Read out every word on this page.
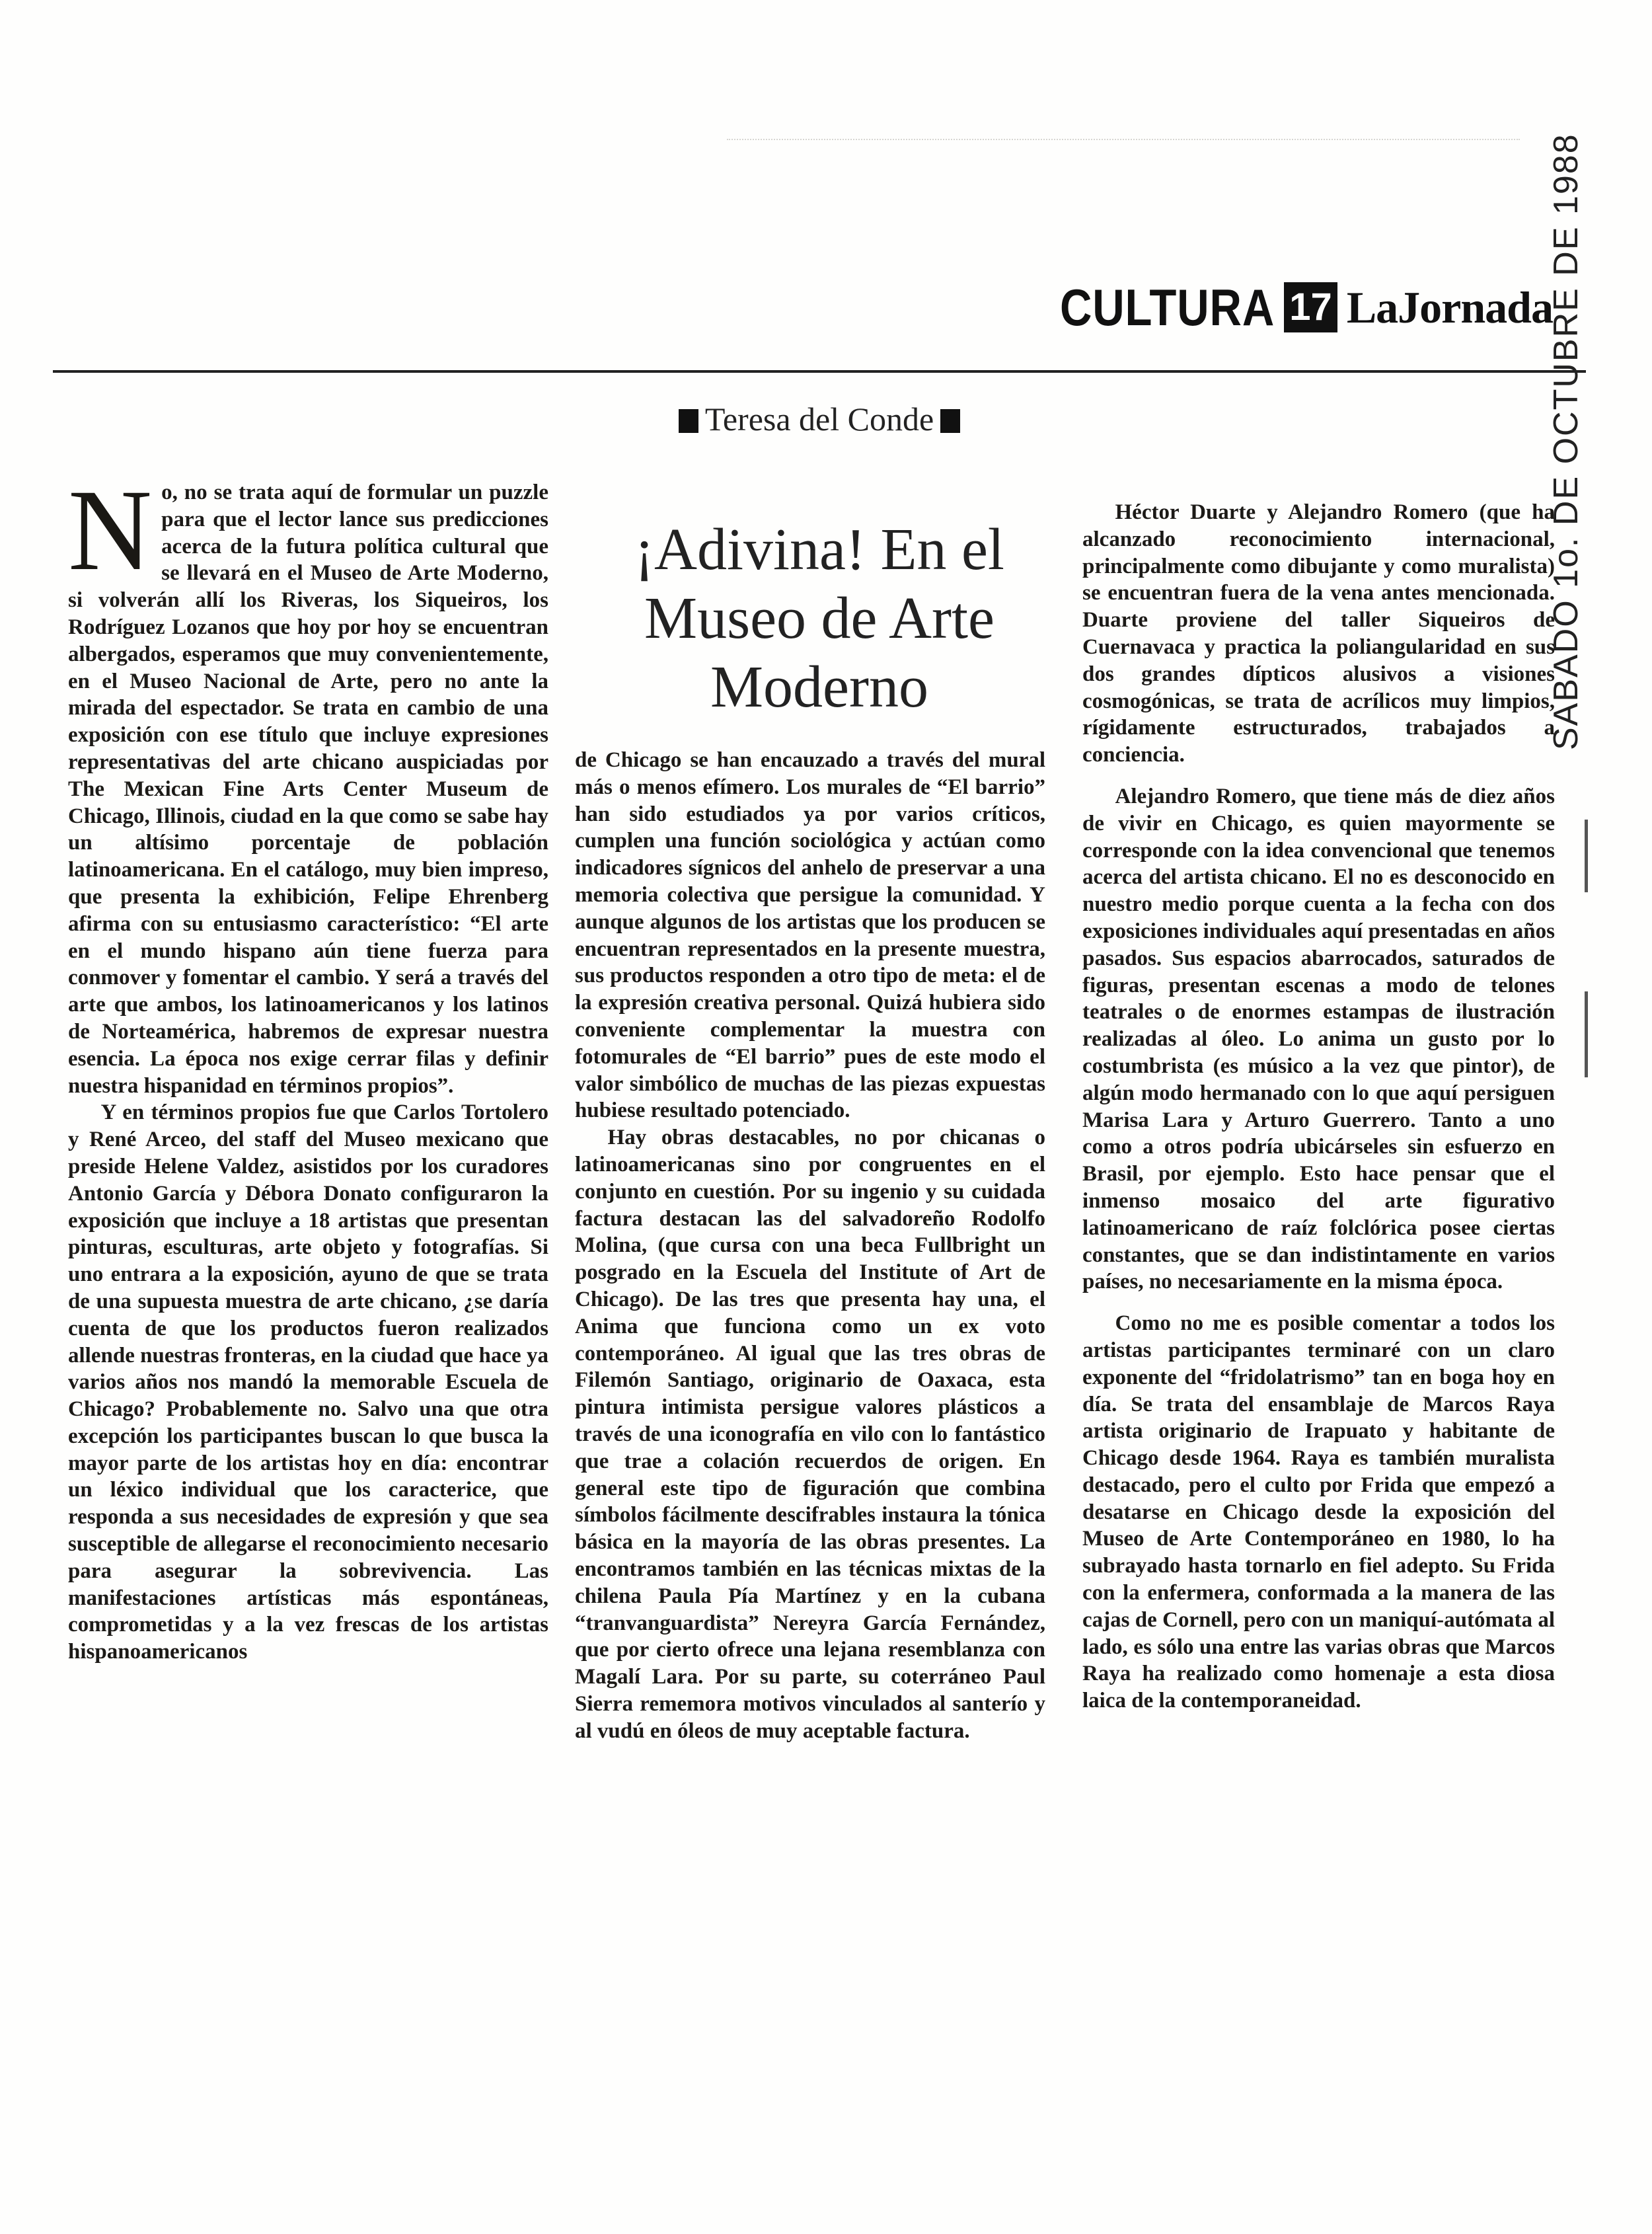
CULTURA 17 LaJornada
SABADO 1o. DE OCTUBRE DE 1988
Teresa del Conde
¡Adivina! En el Museo de Arte Moderno
N o, no se trata aquí de formular un puzzle para que el lector lance sus predicciones acerca de la futura política cultural que se llevará en el Museo de Arte Moderno, si volverán allí los Riveras, los Siqueiros, los Rodríguez Lozanos que hoy por hoy se encuentran albergados, esperamos que muy convenientemente, en el Museo Nacional de Arte, pero no ante la mirada del espectador. Se trata en cambio de una exposición con ese título que incluye expresiones representativas del arte chicano auspiciadas por The Mexican Fine Arts Center Museum de Chicago, Illinois, ciudad en la que como se sabe hay un altísimo porcentaje de población latinoamericana. En el catálogo, muy bien impreso, que presenta la exhibición, Felipe Ehrenberg afirma con su entusiasmo característico: “El arte en el mundo hispano aún tiene fuerza para conmover y fomentar el cambio. Y será a través del arte que ambos, los latinoamericanos y los latinos de Norteamérica, habremos de expresar nuestra esencia. La época nos exige cerrar filas y definir nuestra hispanidad en términos propios”.

Y en términos propios fue que Carlos Tortolero y René Arceo, del staff del Museo mexicano que preside Helene Valdez, asistidos por los curadores Antonio García y Débora Donato configuraron la exposición que incluye a 18 artistas que presentan pinturas, esculturas, arte objeto y fotografías. Si uno entrara a la exposición, ayuno de que se trata de una supuesta muestra de arte chicano, ¿se daría cuenta de que los productos fueron realizados allende nuestras fronteras, en la ciudad que hace ya varios años nos mandó la memorable Escuela de Chicago? Probablemente no. Salvo una que otra excepción los participantes buscan lo que busca la mayor parte de los artistas hoy en día: encontrar un léxico individual que los caracterice, que responda a sus necesidades de expresión y que sea susceptible de allegarse el reconocimiento necesario para asegurar la sobrevivencia. Las manifestaciones artísticas más espontáneas, comprometidas y a la vez frescas de los artistas hispanoamericanos

de Chicago se han encauzado a través del mural más o menos efímero. Los murales de “El barrio” han sido estudiados ya por varios críticos, cumplen una función sociológica y actúan como indicadores sígnicos del anhelo de preservar a una memoria colectiva que persigue la comunidad. Y aunque algunos de los artistas que los producen se encuentran representados en la presente muestra, sus productos responden a otro tipo de meta: el de la expresión creativa personal. Quizá hubiera sido conveniente complementar la muestra con fotomurales de “El barrio” pues de este modo el valor simbólico de muchas de las piezas expuestas hubiese resultado potenciado.

Hay obras destacables, no por chicanas o latinoamericanas sino por congruentes en el conjunto en cuestión. Por su ingenio y su cuidada factura destacan las del salvadoreño Rodolfo Molina, (que cursa con una beca Fullbright un posgrado en la Escuela del Institute of Art de Chicago). De las tres que presenta hay una, el Anima que funciona como un ex voto contemporáneo. Al igual que las tres obras de Filemón Santiago, originario de Oaxaca, esta pintura intimista persigue valores plásticos a través de una iconografía en vilo con lo fantástico que trae a colación recuerdos de origen. En general este tipo de figuración que combina símbolos fácilmente descifrables instaura la tónica básica en la mayoría de las obras presentes. La encontramos también en las técnicas mixtas de la chilena Paula Pía Martínez y en la cubana “tranvanguardista” Nereyra García Fernández, que por cierto ofrece una lejana resemblanza con Magalí Lara. Por su parte, su coterráneo Paul Sierra rememora motivos vinculados al santerío y al vudú en óleos de muy aceptable factura.

Héctor Duarte y Alejandro Romero (que ha alcanzado reconocimiento internacional, principalmente como dibujante y como muralista) se encuentran fuera de la vena antes mencionada. Duarte proviene del taller Siqueiros de Cuernavaca y practica la poliangularidad en sus dos grandes dípticos alusivos a visiones cosmogónicas, se trata de acrílicos muy limpios, rígidamente estructurados, trabajados a conciencia.

Alejandro Romero, que tiene más de diez años de vivir en Chicago, es quien mayormente se corresponde con la idea convencional que tenemos acerca del artista chicano. El no es desconocido en nuestro medio porque cuenta a la fecha con dos exposiciones individuales aquí presentadas en años pasados. Sus espacios abarrocados, saturados de figuras, presentan escenas a modo de telones teatrales o de enormes estampas de ilustración realizadas al óleo. Lo anima un gusto por lo costumbrista (es músico a la vez que pintor), de algún modo hermanado con lo que aquí persiguen Marisa Lara y Arturo Guerrero. Tanto a uno como a otros podría ubicárseles sin esfuerzo en Brasil, por ejemplo. Esto hace pensar que el inmenso mosaico del arte figurativo latinoamericano de raíz folclórica posee ciertas constantes, que se dan indistintamente en varios países, no necesariamente en la misma época.

Como no me es posible comentar a todos los artistas participantes terminaré con un claro exponente del “fridolatrismo” tan en boga hoy en día. Se trata del ensamblaje de Marcos Raya artista originario de Irapuato y habitante de Chicago desde 1964. Raya es también muralista destacado, pero el culto por Frida que empezó a desatarse en Chicago desde la exposición del Museo de Arte Contemporáneo en 1980, lo ha subrayado hasta tornarlo en fiel adepto. Su Frida con la enfermera, conformada a la manera de las cajas de Cornell, pero con un maniquí-autómata al lado, es sólo una entre las varias obras que Marcos Raya ha realizado como homenaje a esta diosa laica de la contemporaneidad.
